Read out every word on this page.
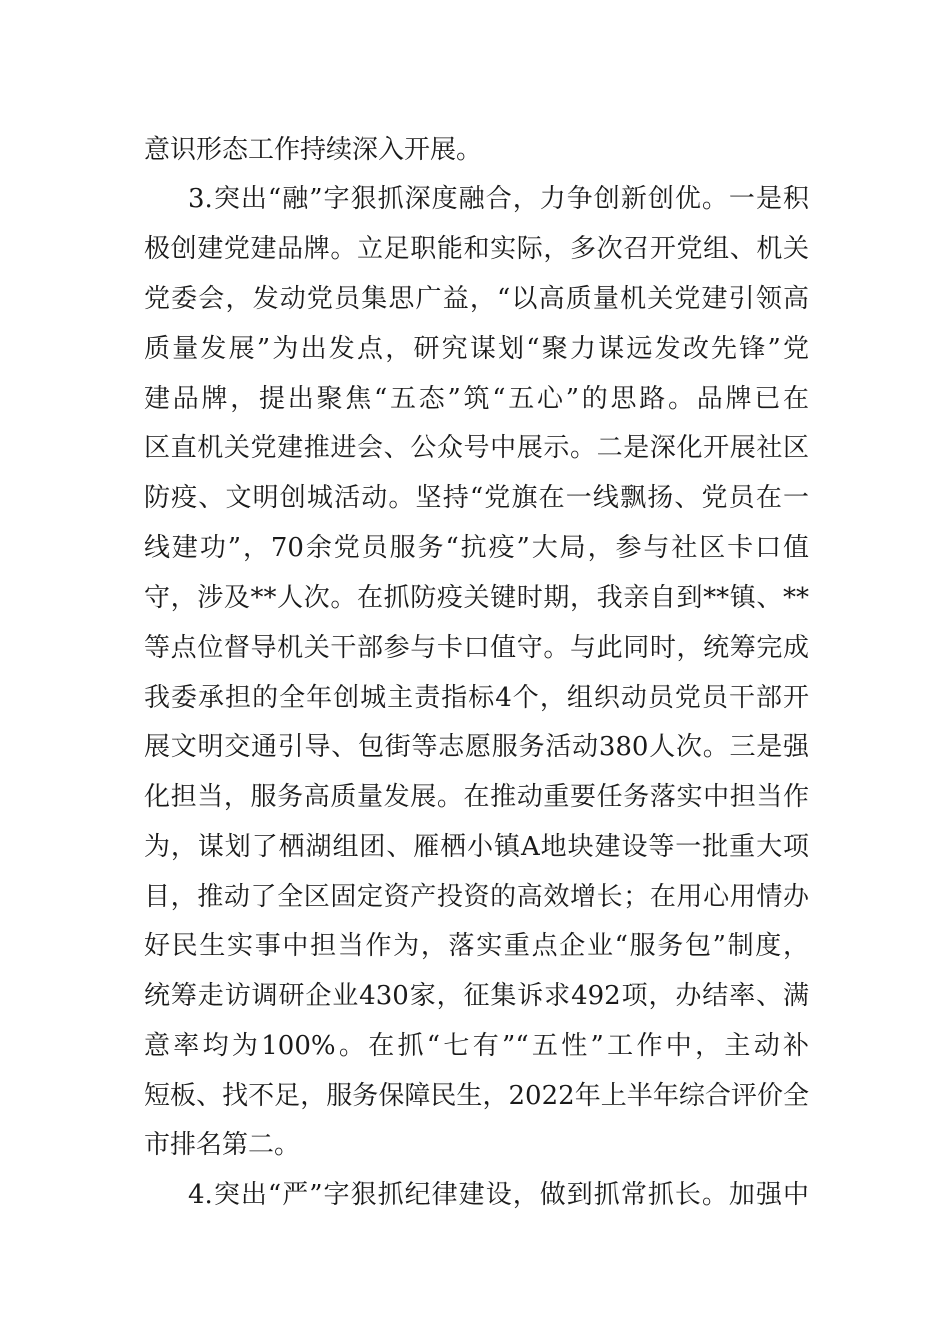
意识形态工作持续深入开展。
3.突出“融”字狠抓深度融合，力争创新创优。一是积
极创建党建品牌。立足职能和实际，多次召开党组、机关
党委会，发动党员集思广益，“以高质量机关党建引领高
质量发展”为出发点，研究谋划“聚力谋远发改先锋”党
建品牌，提出聚焦“五态”筑“五心”的思路。品牌已在
区直机关党建推进会、公众号中展示。二是深化开展社区
防疫、文明创城活动。坚持“党旗在一线飘扬、党员在一
线建功”，70余党员服务“抗疫”大局，参与社区卡口值
守，涉及**人次。在抓防疫关键时期，我亲自到**镇、**
等点位督导机关干部参与卡口值守。与此同时，统筹完成
我委承担的全年创城主责指标4个，组织动员党员干部开
展文明交通引导、包街等志愿服务活动380人次。三是强
化担当，服务高质量发展。在推动重要任务落实中担当作
为，谋划了栖湖组团、雁栖小镇A地块建设等一批重大项
目，推动了全区固定资产投资的高效增长；在用心用情办
好民生实事中担当作为，落实重点企业“服务包”制度，
统筹走访调研企业430家，征集诉求492项，办结率、满
意率均为100%。在抓“七有”“五性”工作中，主动补
短板、找不足，服务保障民生，2022年上半年综合评价全
市排名第二。
4.突出“严”字狠抓纪律建设，做到抓常抓长。加强中
